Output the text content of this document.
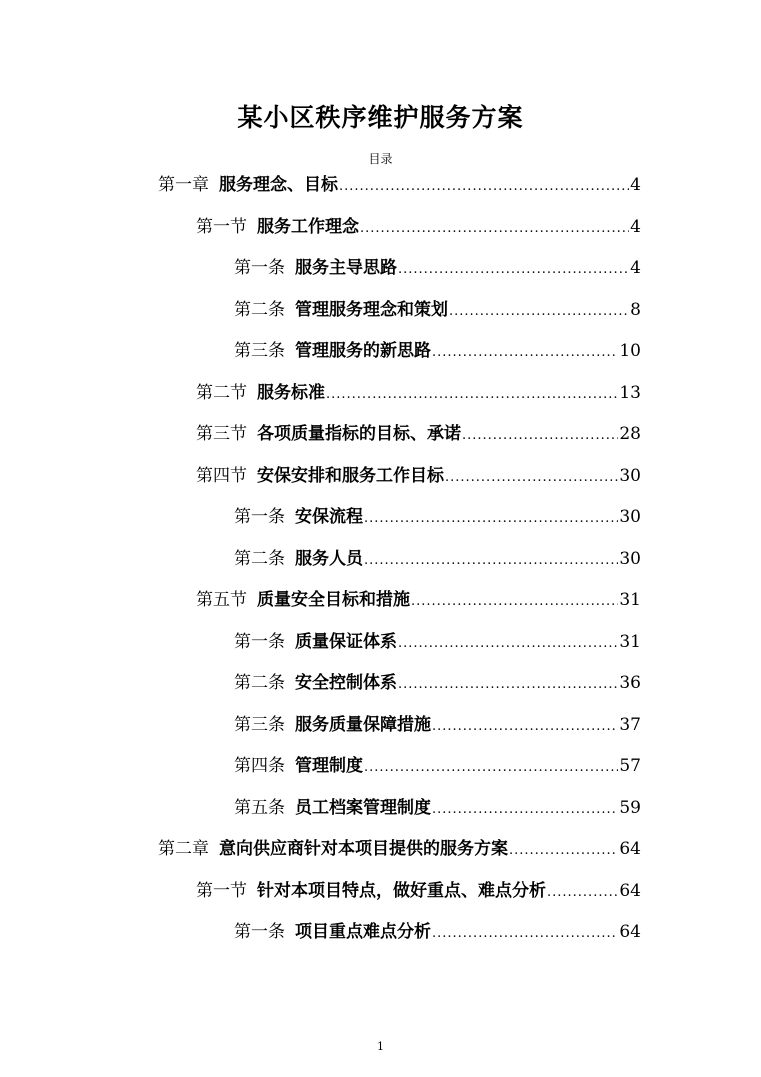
某小区秩序维护服务方案
目录
第一章 服务理念、目标 .....	4
第一节 服务工作理念 .....	4
第一条 服务主导思路 .....	4
第二条 管理服务理念和策划 .....	8
第三条 管理服务的新思路 .....	10
第二节 服务标准 .....	13
第三节 各项质量指标的目标、承诺 .....	28
第四节 安保安排和服务工作目标 .....	30
第一条 安保流程 .....	30
第二条 服务人员 .....	30
第五节 质量安全目标和措施 .....	31
第一条 质量保证体系 .....	31
第二条 安全控制体系 .....	36
第三条 服务质量保障措施 .....	37
第四条 管理制度 .....	57
第五条 员工档案管理制度 .....	59
第二章 意向供应商针对本项目提供的服务方案 .....	64
第一节 针对本项目特点，做好重点、难点分析 .....	64
第一条 项目重点难点分析 .....	64
1
